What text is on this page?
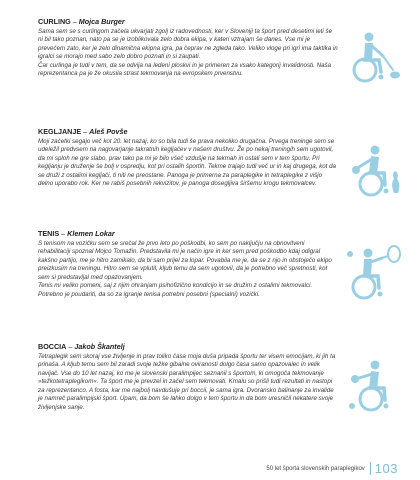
CURLING – Mojca Burger

Sama sem se s curlingom začela ukvarjati zgolj iz radovednosti, ker v Sloveniji ta šport pred desetimi leti še ni bil tako poznan, nato pa se je izoblikovala zelo dobra ekipa, v kateri vztrajam še danes. Vse mi je prevečem zato, ker je zelo dinamična ekipna igra, pa čeprav ne zgleda tako. Veliko vloge pri igri ima taktika in igralci se morajo med sabo zelo dobro poznati in si zaupati.

Čar curlinga je tudi v tem, da se odvija na ledeni ploskvi in je primeren za vsako kategorij invalidnosti. Naša reprezentanca pa je že okusila strast tekmovanja na evropskem prvenstvu.

KEGLJANJE – Aleš Povše

Moji začetki segajo več kot 20. let nazaj, ko so bila tudi še prava nekoliko drugačna. Prvega treninge sem se udeležil predvsem na nagovarjanje takratnih kegljačev v našem društvu. Že po nekaj treningih sem ugotovil, da mi sploh ne gre slabo, prav tako pa mi je bilo všeč vzdušje na tekmah in ostali sem v tem športu. Pri kegljanju je druženje še bolj v ospredju, kot pri ostalih športih. Tekme trajajo tudi več ur in kaj drugega, kot da se druži z ostalimi kegljači, ti niti ne preostane. Panoga je primerna za paraplegike in tetraplegike z višjo delno uporabo rok. Ker ne rabiš posebnih rekvizitov, je panoga dosegljiva širšemu krogu tekmovalcev.

TENIS – Klemen Lokar

S tenisom na vozičku sem se srečal že prvo leto po poškodbi, ko sem po naključju na obnovitveni rehabilitaciji spoznal Mojco Tomažin. Predstavila mi je način igre in ker sem pred poškodbo kdaj odigral kakšno partijo, me je hitro zamikalo, da bi sam prijel za lopar. Povabila me je, da se z njo in obstoječo ekipo preizkusim na treningu. Hitro sem se vplutil, kljub temu da sem ugotovil, da je potrebno več spretnosti, kot sem si predstavljal med opazovanjem.

Tenis mi veliko pomeni, saj z njim ohranjam psihofizično kondicijo in se družim z ostalimi tekmovalci. Potrebno je poudariti, da so za igranje tenisa potrebni posebni (specialni) vozički.

BOCCIA – Jakob Škantelj

Tetraplegik sem skoraj vse življenje in prav toliko časa moja duša pripada športu ter visem emocijam, ki jih ta prinaša. A kljub temu sem bil zaradi svoje težke gibalne oviranosti dolgo časa samo opazovalec in velik navijač. Vse do 10 let nazaj, ko me je slovenski paralimpijec seznanil s športom, ki omogoča tekmovanje »težkotetraplegikom«. Ta šport me je prevzel in začel sem tekmovati. Kmalu so prišli tudi rezultati in nastopi za reprezentanco. A fosta, kar me najbolj navdušuje pri boccii, je sama igra. Dvoransko balinanje za invalide je namreč paralimpijski šport. Upam, da bom še lahko dolgo v tem športu in da bom uresničil nekatere svoje življenjske sanje.

50 let športa slovenskih paraplegikov 103
